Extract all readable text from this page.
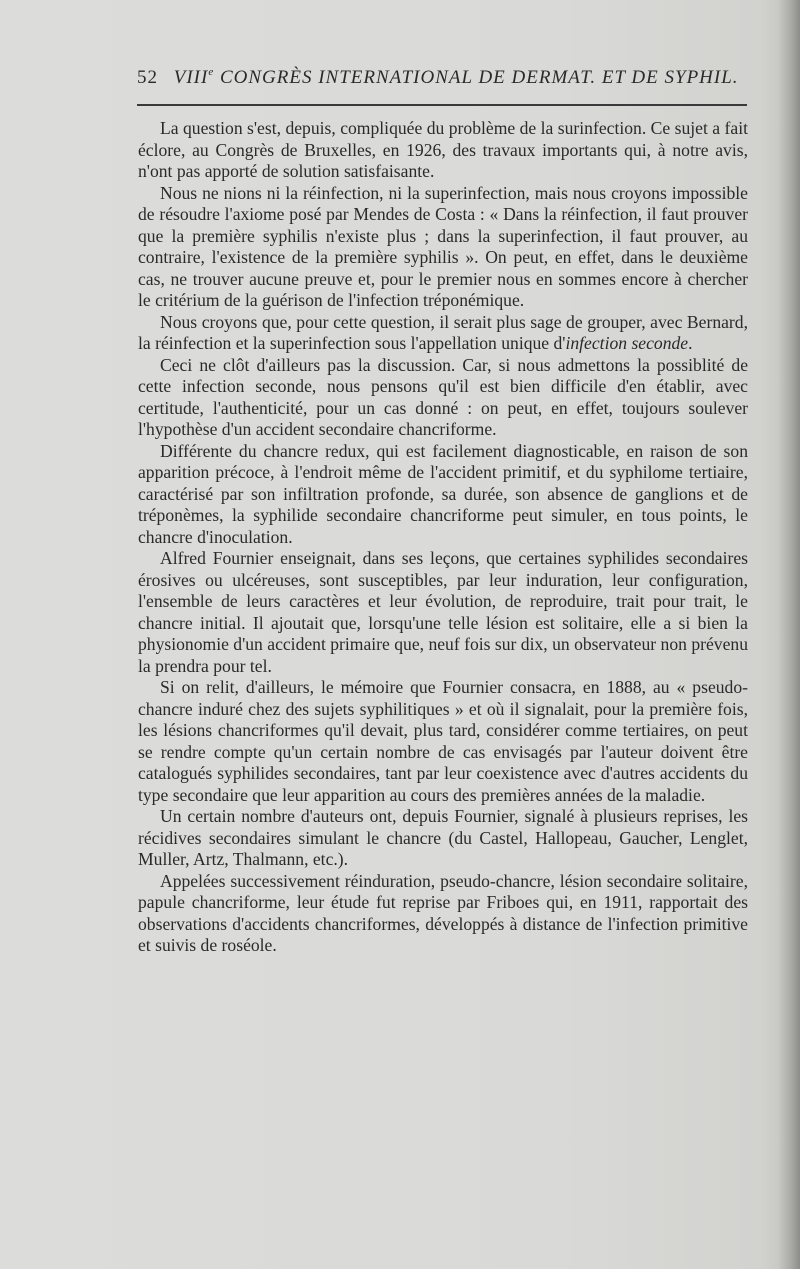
52 VIIIe CONGRÈS INTERNATIONAL DE DERMAT. ET DE SYPHIL.

La question s'est, depuis, compliquée du problème de la surinfection. Ce sujet a fait éclore, au Congrès de Bruxelles, en 1926, des travaux importants qui, à notre avis, n'ont pas apporté de solution satisfaisante.

Nous ne nions ni la réinfection, ni la superinfection, mais nous croyons impossible de résoudre l'axiome posé par Mendes de Costa : « Dans la réinfection, il faut prouver que la première syphilis n'existe plus ; dans la superinfection, il faut prouver, au contraire, l'existence de la première syphilis ». On peut, en effet, dans le deuxième cas, ne trouver aucune preuve et, pour le premier nous en sommes encore à chercher le critérium de la guérison de l'infection tréponémique.

Nous croyons que, pour cette question, il serait plus sage de grouper, avec Bernard, la réinfection et la superinfection sous l'appellation unique d'infection seconde.

Ceci ne clôt d'ailleurs pas la discussion. Car, si nous admettons la possiblité de cette infection seconde, nous pensons qu'il est bien difficile d'en établir, avec certitude, l'authenticité, pour un cas donné : on peut, en effet, toujours soulever l'hypothèse d'un accident secondaire chancriforme.

Différente du chancre redux, qui est facilement diagnosticable, en raison de son apparition précoce, à l'endroit même de l'accident primitif, et du syphilome tertiaire, caractérisé par son infiltration profonde, sa durée, son absence de ganglions et de tréponèmes, la syphilide secondaire chancriforme peut simuler, en tous points, le chancre d'inoculation.

Alfred Fournier enseignait, dans ses leçons, que certaines syphilides secondaires érosives ou ulcéreuses, sont susceptibles, par leur induration, leur configuration, l'ensemble de leurs caractères et leur évolution, de reproduire, trait pour trait, le chancre initial. Il ajoutait que, lorsqu'une telle lésion est solitaire, elle a si bien la physionomie d'un accident primaire que, neuf fois sur dix, un observateur non prévenu la prendra pour tel.

Si on relit, d'ailleurs, le mémoire que Fournier consacra, en 1888, au « pseudo-chancre induré chez des sujets syphilitiques » et où il signalait, pour la première fois, les lésions chancriformes qu'il devait, plus tard, considérer comme tertiaires, on peut se rendre compte qu'un certain nombre de cas envisagés par l'auteur doivent être catalogués syphilides secondaires, tant par leur coexistence avec d'autres accidents du type secondaire que leur apparition au cours des premières années de la maladie.

Un certain nombre d'auteurs ont, depuis Fournier, signalé à plusieurs reprises, les récidives secondaires simulant le chancre (du Castel, Hallopeau, Gaucher, Lenglet, Muller, Artz, Thalmann, etc.).

Appelées successivement réinduration, pseudo-chancre, lésion secondaire solitaire, papule chancriforme, leur étude fut reprise par Friboes qui, en 1911, rapportait des observations d'accidents chancriformes, développés à distance de l'infection primitive et suivis de roséole.
